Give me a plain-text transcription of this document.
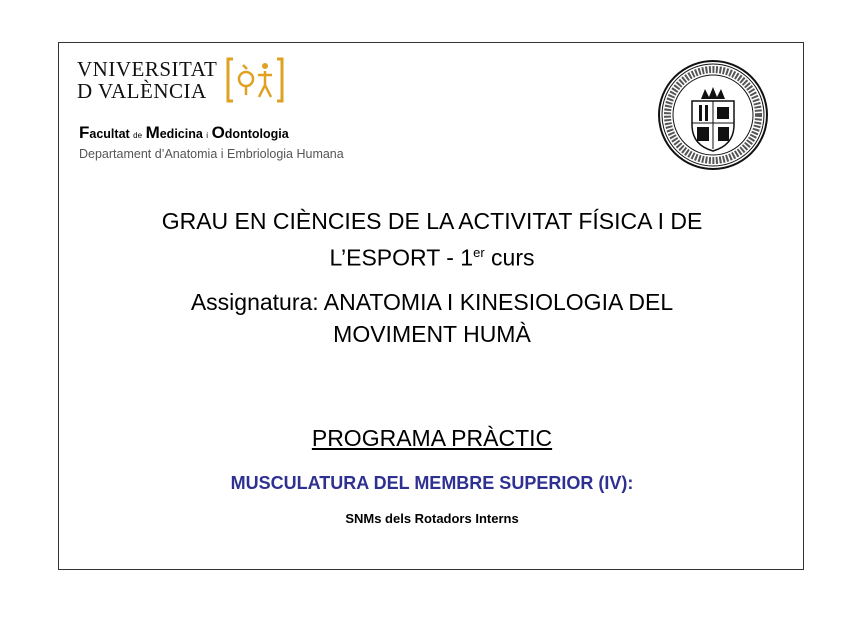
VNIVERSITAT
D VALÈNCIA
Facultat de Medicina i Odontologia
Departament d’Anatomia i Embriologia Humana
GRAU EN CIÈNCIES DE LA ACTIVITAT FÍSICA I DE
L’ESPORT - 1er curs
Assignatura: ANATOMIA I KINESIOLOGIA DEL
MOVIMENT HUMÀ
PROGRAMA PRÀCTIC
MUSCULATURA DEL MEMBRE SUPERIOR (IV):
SNMs dels Rotadors Interns
